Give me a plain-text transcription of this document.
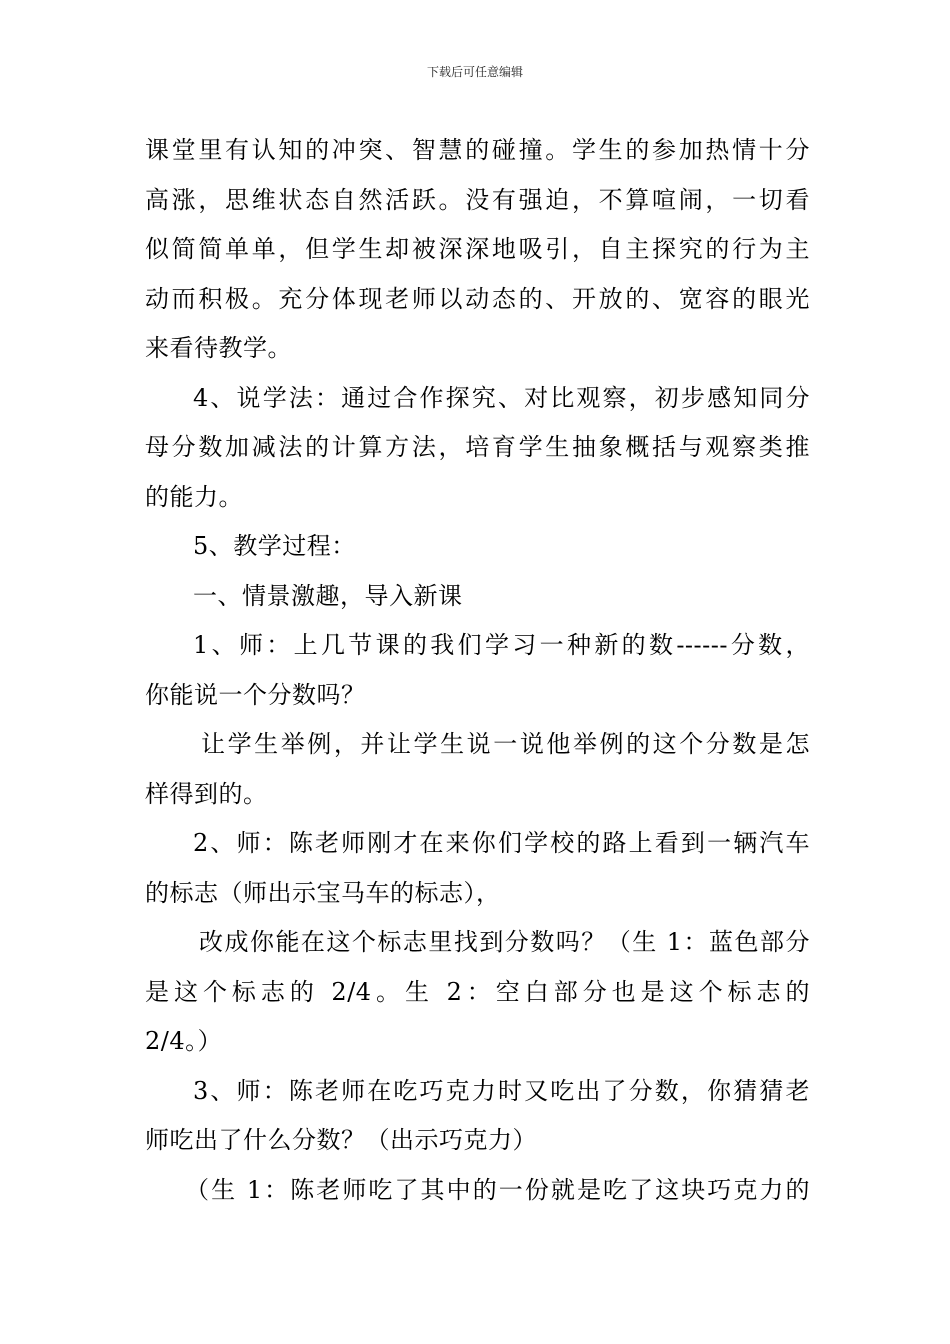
下载后可任意编辑
课堂里有认知的冲突、智慧的碰撞。学生的参加热情十分
高涨，思维状态自然活跃。没有强迫，不算喧闹，一切看
似简简单单，但学生却被深深地吸引，自主探究的行为主
动而积极。充分体现老师以动态的、开放的、宽容的眼光
来看待教学。
4、说学法：通过合作探究、对比观察，初步感知同分
母分数加减法的计算方法，培育学生抽象概括与观察类推
的能力。
5、教学过程：
一、情景激趣，导入新课
1、师：上几节课的我们学习一种新的数------分数，
你能说一个分数吗？
让学生举例，并让学生说一说他举例的这个分数是怎
样得到的。
2、师：陈老师刚才在来你们学校的路上看到一辆汽车
的标志（师出示宝马车的标志），
改成你能在这个标志里找到分数吗？（生 1：蓝色部分
是这个标志的 2/4。生 2：空白部分也是这个标志的
2/4。）
3、师：陈老师在吃巧克力时又吃出了分数，你猜猜老
师吃出了什么分数？（出示巧克力）
（生 1：陈老师吃了其中的一份就是吃了这块巧克力的
